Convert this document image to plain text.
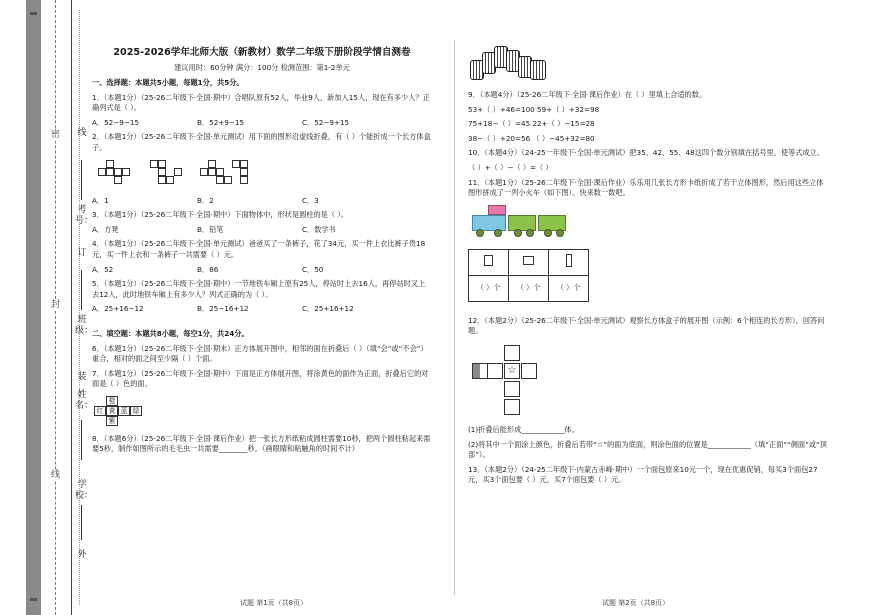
密
封
线
线
考号：
订
班级：
装
姓名：
学校：
外
2025-2026学年北师大版（新教材）数学二年级下册阶段学情自测卷
建议用时：60分钟 满分：100分 检测范围：第1-2单元
一、选择题：本题共5小题，每题1分，共5分。
1．（本题1分）（25-26二年级下·全国·期中）合唱队原有52人，毕业9人，新加入15人，现在有多少人？正确列式是（ ）。
A．52−9−15	B．52+9−15	C．52−9+15
2．（本题1分）（25-26二年级下·全国·单元测试）用下面的图形沿虚线折叠，有（ ）个能折成一个长方体盒子。
A．1	B．2	C．3
3．（本题1分）（25-26二年级下·全国·期中）下面物体中，形状是圆柱的是（ ）。
A．方凳	B．铅笔	C．数学书
4．（本题1分）（25-26二年级下·全国·单元测试）爸爸买了一条裤子，花了34元，买一件上衣比裤子贵18元，买一件上衣和一条裤子一共需要（ ）元。
A．52	B．86	C．50
5．（本题1分）（25-26二年级下·全国·期中）一节地铁车厢上原有25人，停站时上去16人，再停站时又上去12人，此时地铁车厢上有多少人？列式正确的为（ ）。
A．25+16−12	B．25−16+12	C．25+16+12
二、填空题：本题共8小题，每空1分，共24分。
6．（本题1分）（25-26二年级下·全国·期末）正方体展开图中，相邻的面在折叠后（ ）（填“会”或“不会”）重合，相对的面之间至少隔（ ）个面。
7．（本题1分）（25-26二年级下·全国·期中）下面是正方体展开图，将涂黄色的面作为正面，折叠后它的对面是（ ）色的面。
橙
红 黄 蓝 绿
紫
8．（本题6分）（25-26二年级下·全国·课后作业）把一张长方形纸粘成圆柱需要10秒，把两个圆柱粘起来需要5秒，制作如图所示的毛毛虫一共需要________秒。（画眼睛和粘触角的时间不计）
9．（本题4分）（25-26二年级下·全国·课后作业）在（ ）里填上合适的数。
53+（ ）+46=100 59+（ ）+32=98
75+18−（ ）=45 22+（ ）−15=28
38−（ ）+20=56 （ ）−45+32=80
10．（本题4分）（24-25一年级下·全国·单元测试）把35、42、55、48这四个数分别填在括号里，使等式成立。
（ ）+（ ）−（ ）=（ ）
11．（本题1分）（25-26二年级下·全国·课后作业）乐乐用几张长方形卡纸折成了若干立体图形，然后用这些立体图形拼成了一列小火车（如下图）。快来数一数吧。

（ ）个	（ ）个	（ ）个
12．（本题2分）（25-26二年级下·全国·单元测试）观察长方体盒子的展开图（示例：6个相连的长方形），回答问题。
☆
(1)折叠后能形成____________体。
(2)将其中一个面涂上颜色，折叠后若带“☆”的面为底面，则涂色面的位置是____________（填“正面”“侧面”或“顶部”）。
13．（本题2分）（24-25二年级下·内蒙古赤峰·期中）一个面包原来10元一个，现在优惠促销，每买3个面包27元，买3个面包要（ ）元，买7个面包要（ ）元。
试题 第1页（共8页）	试题 第2页（共8页）
